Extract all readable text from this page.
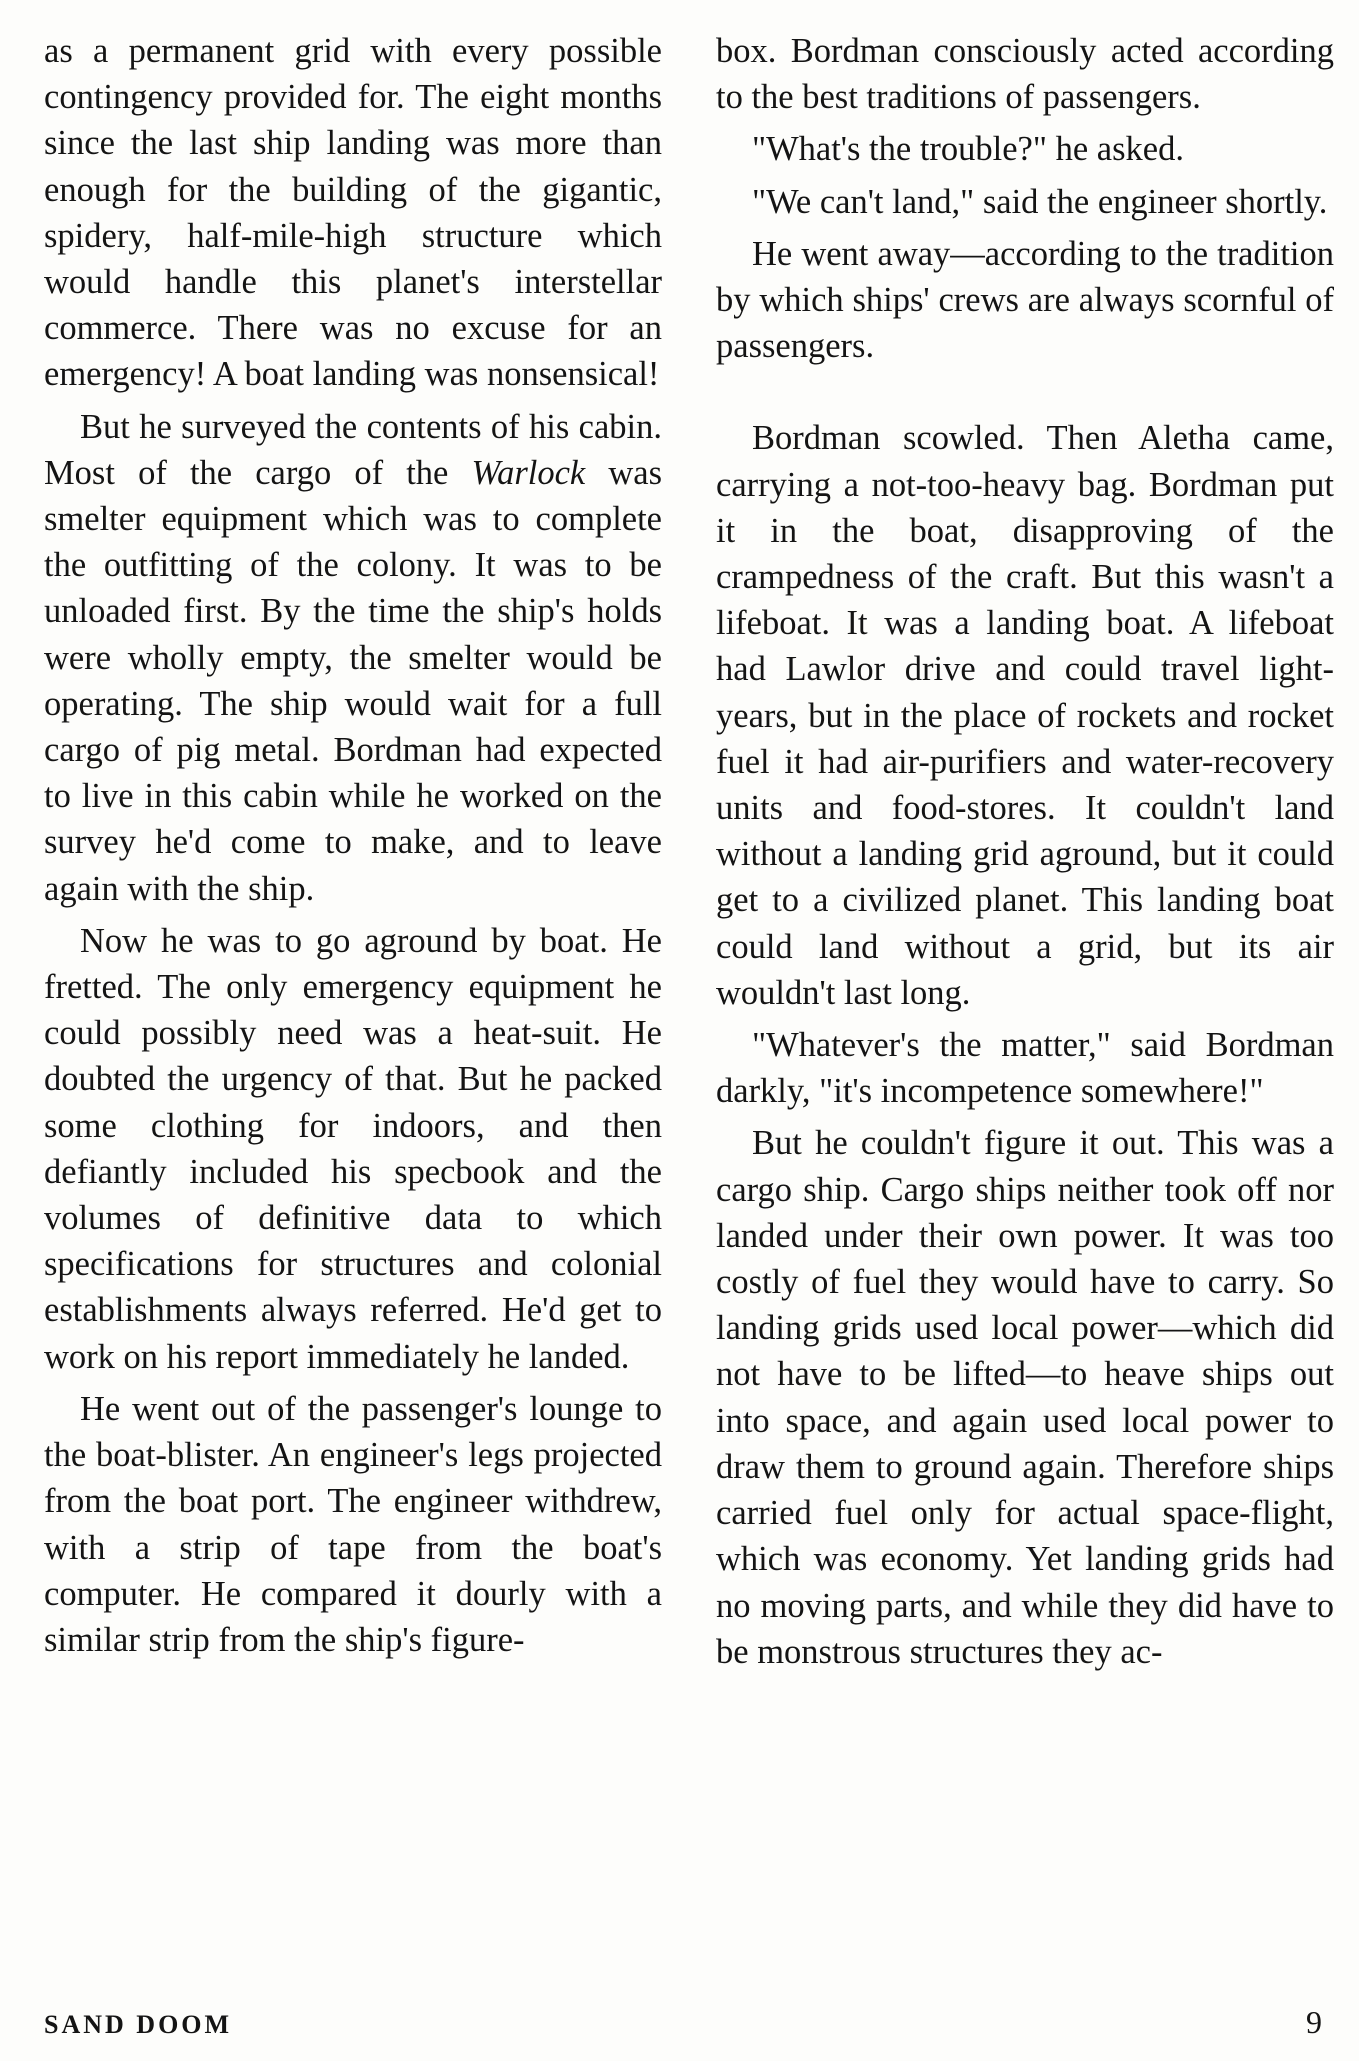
as a permanent grid with every possible contingency provided for. The eight months since the last ship landing was more than enough for the building of the gigantic, spidery, half-mile-high structure which would handle this planet's interstellar commerce. There was no excuse for an emergency! A boat landing was nonsensical!

But he surveyed the contents of his cabin. Most of the cargo of the Warlock was smelter equipment which was to complete the outfitting of the colony. It was to be unloaded first. By the time the ship's holds were wholly empty, the smelter would be operating. The ship would wait for a full cargo of pig metal. Bordman had expected to live in this cabin while he worked on the survey he'd come to make, and to leave again with the ship.

Now he was to go aground by boat. He fretted. The only emergency equipment he could possibly need was a heat-suit. He doubted the urgency of that. But he packed some clothing for indoors, and then defiantly included his specbook and the volumes of definitive data to which specifications for structures and colonial establishments always referred. He'd get to work on his report immediately he landed.

He went out of the passenger's lounge to the boat-blister. An engineer's legs projected from the boat port. The engineer withdrew, with a strip of tape from the boat's computer. He compared it dourly with a similar strip from the ship's figure-

box. Bordman consciously acted according to the best traditions of passengers.

"What's the trouble?" he asked.

"We can't land," said the engineer shortly.

He went away—according to the tradition by which ships' crews are always scornful of passengers.

Bordman scowled. Then Aletha came, carrying a not-too-heavy bag. Bordman put it in the boat, disapproving of the crampedness of the craft. But this wasn't a lifeboat. It was a landing boat. A lifeboat had Lawlor drive and could travel light-years, but in the place of rockets and rocket fuel it had air-purifiers and water-recovery units and food-stores. It couldn't land without a landing grid aground, but it could get to a civilized planet. This landing boat could land without a grid, but its air wouldn't last long.

"Whatever's the matter," said Bordman darkly, "it's incompetence somewhere!"

But he couldn't figure it out. This was a cargo ship. Cargo ships neither took off nor landed under their own power. It was too costly of fuel they would have to carry. So landing grids used local power—which did not have to be lifted—to heave ships out into space, and again used local power to draw them to ground again. Therefore ships carried fuel only for actual space-flight, which was economy. Yet landing grids had no moving parts, and while they did have to be monstrous structures they ac-

SAND DOOM	9
